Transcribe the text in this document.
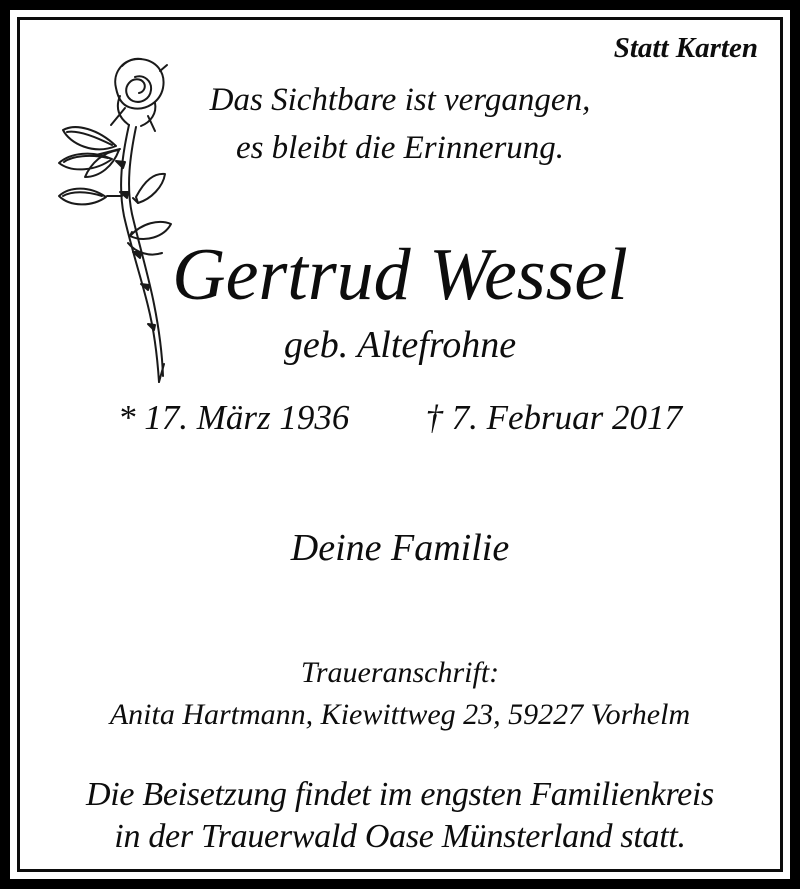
Statt Karten
Das Sichtbare ist vergangen,
es bleibt die Erinnerung.
Gertrud Wessel
geb. Altefrohne
* 17. März 1936 † 7. Februar 2017
Deine Familie
Traueranschrift:
Anita Hartmann, Kiewittweg 23, 59227 Vorhelm
Die Beisetzung findet im engsten Familienkreis
in der Trauerwald Oase Münsterland statt.
